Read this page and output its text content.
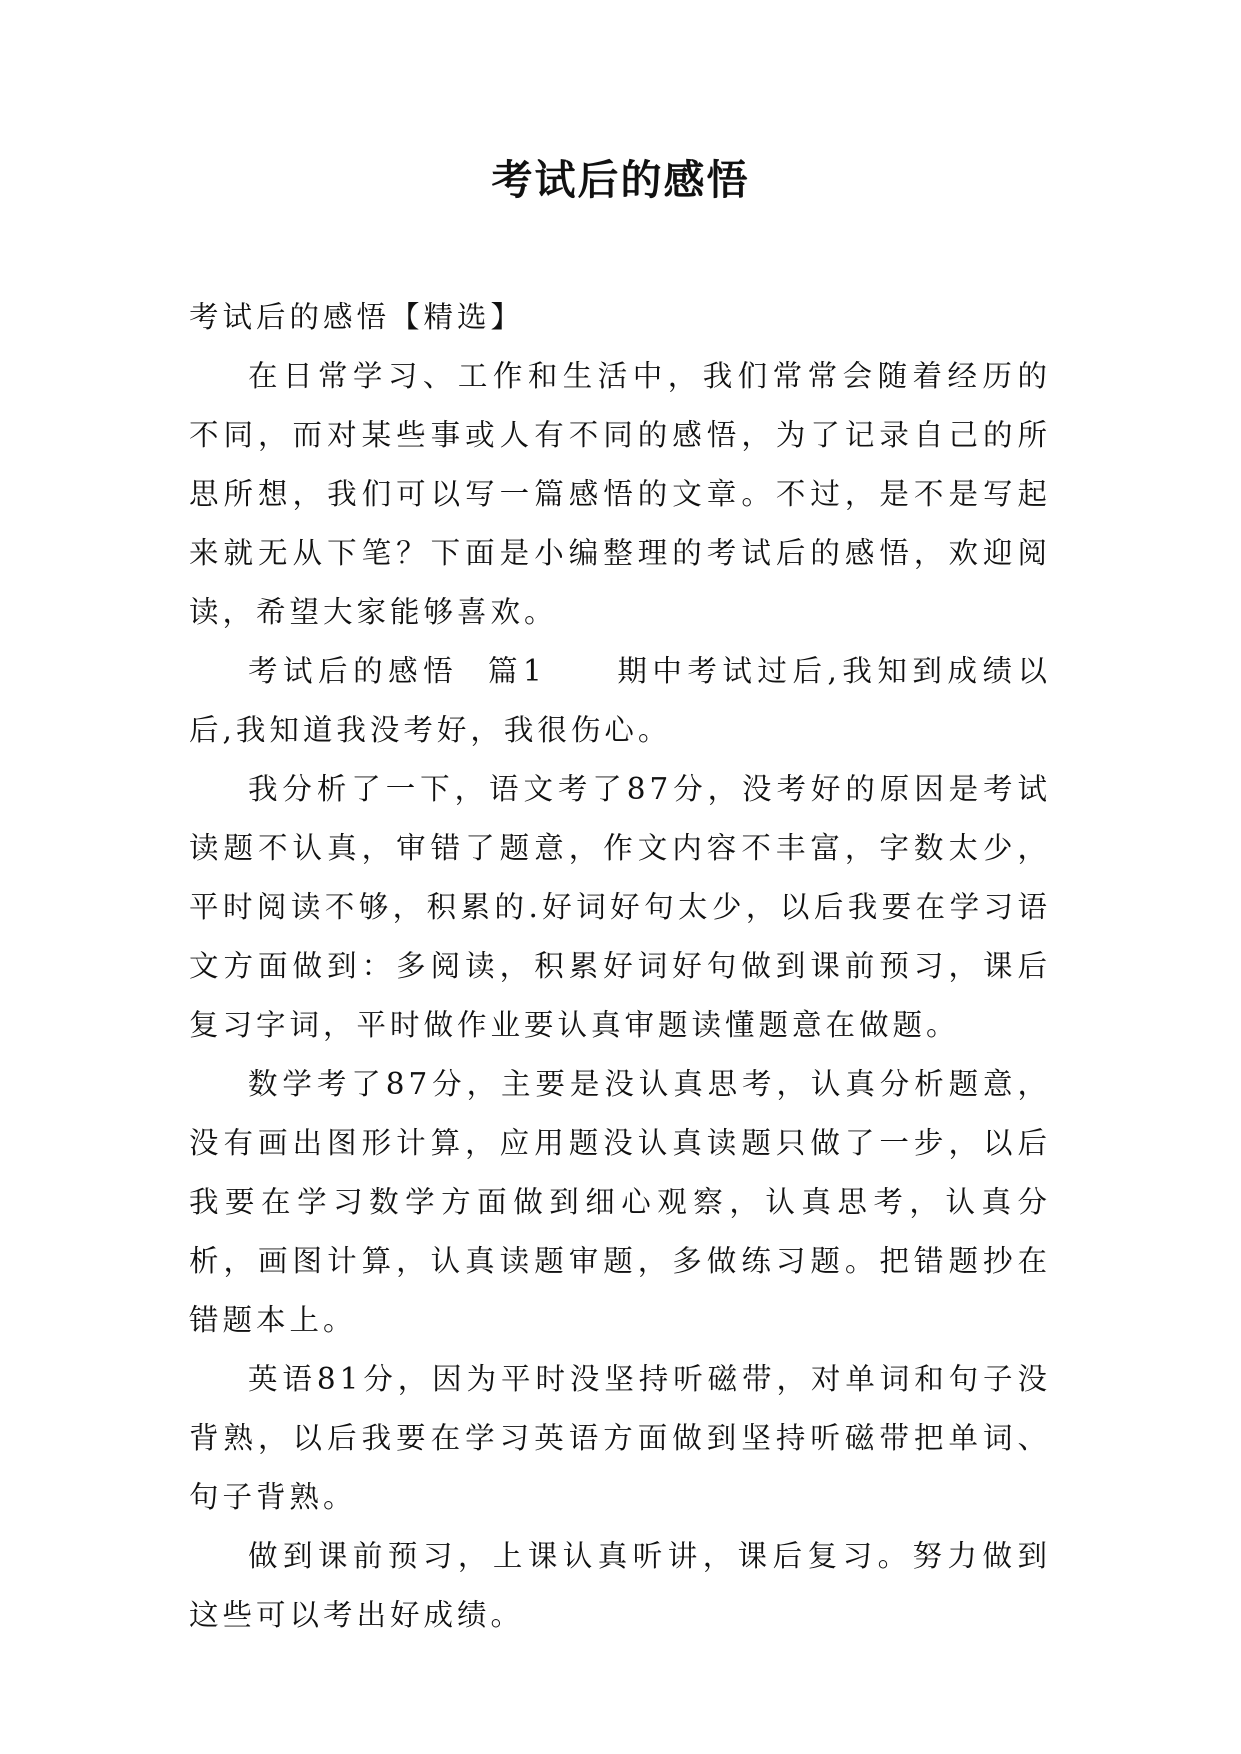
考试后的感悟

考试后的感悟【精选】

在日常学习、工作和生活中，我们常常会随着经历的不同，而对某些事或人有不同的感悟，为了记录自己的所思所想，我们可以写一篇感悟的文章。不过，是不是写起来就无从下笔？下面是小编整理的考试后的感悟，欢迎阅读，希望大家能够喜欢。

考试后的感悟  篇1　　期中考试过后,我知到成绩以后,我知道我没考好，我很伤心。

我分析了一下，语文考了87分，没考好的原因是考试读题不认真，审错了题意，作文内容不丰富，字数太少，平时阅读不够，积累的.好词好句太少，以后我要在学习语文方面做到：多阅读，积累好词好句做到课前预习，课后复习字词，平时做作业要认真审题读懂题意在做题。

数学考了87分，主要是没认真思考，认真分析题意，没有画出图形计算，应用题没认真读题只做了一步，以后我要在学习数学方面做到细心观察，认真思考，认真分析，画图计算，认真读题审题，多做练习题。把错题抄在错题本上。

英语81分，因为平时没坚持听磁带，对单词和句子没背熟，以后我要在学习英语方面做到坚持听磁带把单词、句子背熟。

做到课前预习，上课认真听讲，课后复习。努力做到这些可以考出好成绩。
